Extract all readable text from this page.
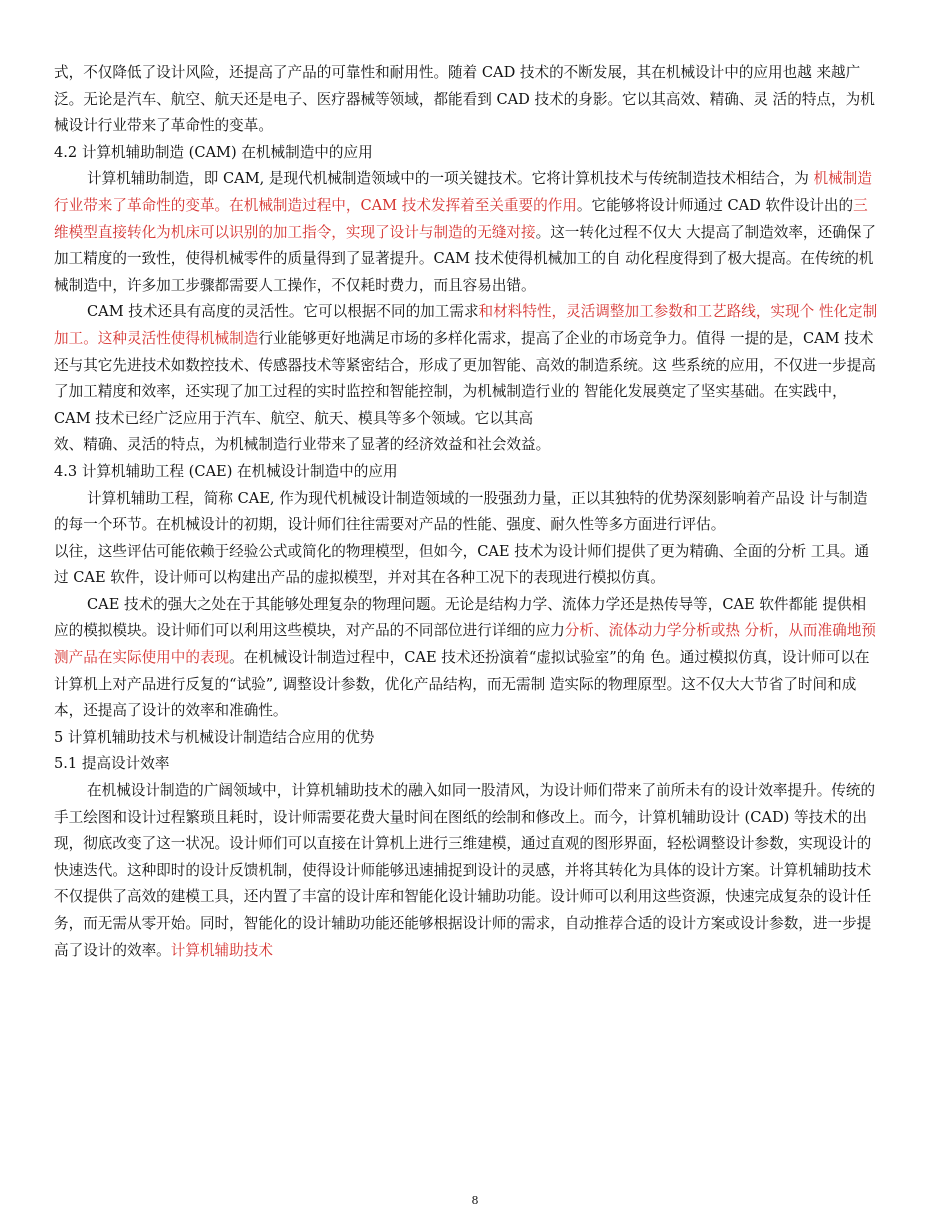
式，不仅降低了设计风险，还提高了产品的可靠性和耐用性。随着 CAD 技术的不断发展，其在机械设计中的应用也越 来越广泛。无论是汽车、航空、航天还是电子、医疗器械等领域，都能看到 CAD 技术的身影。它以其高效、精确、灵 活的特点，为机械设计行业带来了革命性的变革。

4.2 计算机辅助制造 (CAM) 在机械制造中的应用

计算机辅助制造，即 CAM, 是现代机械制造领域中的一项关键技术。它将计算机技术与传统制造技术相结合，为 机械制造行业带来了革命性的变革。在机械制造过程中，CAM 技术发挥着至关重要的作用。它能够将设计师通过 CAD 软件设计出的三维模型直接转化为机床可以识别的加工指令，实现了设计与制造的无缝对接。这一转化过程不仅大 大提高了制造效率，还确保了加工精度的一致性，使得机械零件的质量得到了显著提升。CAM 技术使得机械加工的自 动化程度得到了极大提高。在传统的机械制造中，许多加工步骤都需要人工操作，不仅耗时费力，而且容易出错。

CAM 技术还具有高度的灵活性。它可以根据不同的加工需求和材料特性，灵活调整加工参数和工艺路线，实现个 性化定制加工。这种灵活性使得机械制造行业能够更好地满足市场的多样化需求，提高了企业的市场竞争力。值得 一提的是，CAM 技术还与其它先进技术如数控技术、传感器技术等紧密结合，形成了更加智能、高效的制造系统。这 些系统的应用，不仅进一步提高了加工精度和效率，还实现了加工过程的实时监控和智能控制，为机械制造行业的 智能化发展奠定了坚实基础。在实践中，CAM 技术已经广泛应用于汽车、航空、航天、模具等多个领域。它以其高

效、精确、灵活的特点，为机械制造行业带来了显著的经济效益和社会效益。

4.3 计算机辅助工程 (CAE) 在机械设计制造中的应用

计算机辅助工程，简称 CAE, 作为现代机械设计制造领域的一股强劲力量，正以其独特的优势深刻影响着产品设 计与制造的每一个环节。在机械设计的初期，设计师们往往需要对产品的性能、强度、耐久性等多方面进行评估。

以往，这些评估可能依赖于经验公式或简化的物理模型，但如今，CAE 技术为设计师们提供了更为精确、全面的分析 工具。通过 CAE 软件，设计师可以构建出产品的虚拟模型，并对其在各种工况下的表现进行模拟仿真。

CAE 技术的强大之处在于其能够处理复杂的物理问题。无论是结构力学、流体力学还是热传导等，CAE 软件都能 提供相应的模拟模块。设计师们可以利用这些模块，对产品的不同部位进行详细的应力分析、流体动力学分析或热 分析，从而准确地预测产品在实际使用中的表现。在机械设计制造过程中，CAE 技术还扮演着“虚拟试验室”的角 色。通过模拟仿真，设计师可以在计算机上对产品进行反复的“试验”, 调整设计参数，优化产品结构，而无需制 造实际的物理原型。这不仅大大节省了时间和成本，还提高了设计的效率和准确性。

5 计算机辅助技术与机械设计制造结合应用的优势

5.1 提高设计效率

在机械设计制造的广阔领域中，计算机辅助技术的融入如同一股清风，为设计师们带来了前所未有的设计效率提升。传统的手工绘图和设计过程繁琐且耗时，设计师需要花费大量时间在图纸的绘制和修改上。而今，计算机辅助设计 (CAD) 等技术的出现，彻底改变了这一状况。设计师们可以直接在计算机上进行三维建模，通过直观的图形界面，轻松调整设计参数，实现设计的快速迭代。这种即时的设计反馈机制，使得设计师能够迅速捕捉到设计的灵感，并将其转化为具体的设计方案。计算机辅助技术不仅提供了高效的建模工具，还内置了丰富的设计库和智能化设计辅助功能。设计师可以利用这些资源，快速完成复杂的设计任务，而无需从零开始。同时，智能化的设计辅助功能还能够根据设计师的需求，自动推荐合适的设计方案或设计参数，进一步提高了设计的效率。计算机辅助技术

8
